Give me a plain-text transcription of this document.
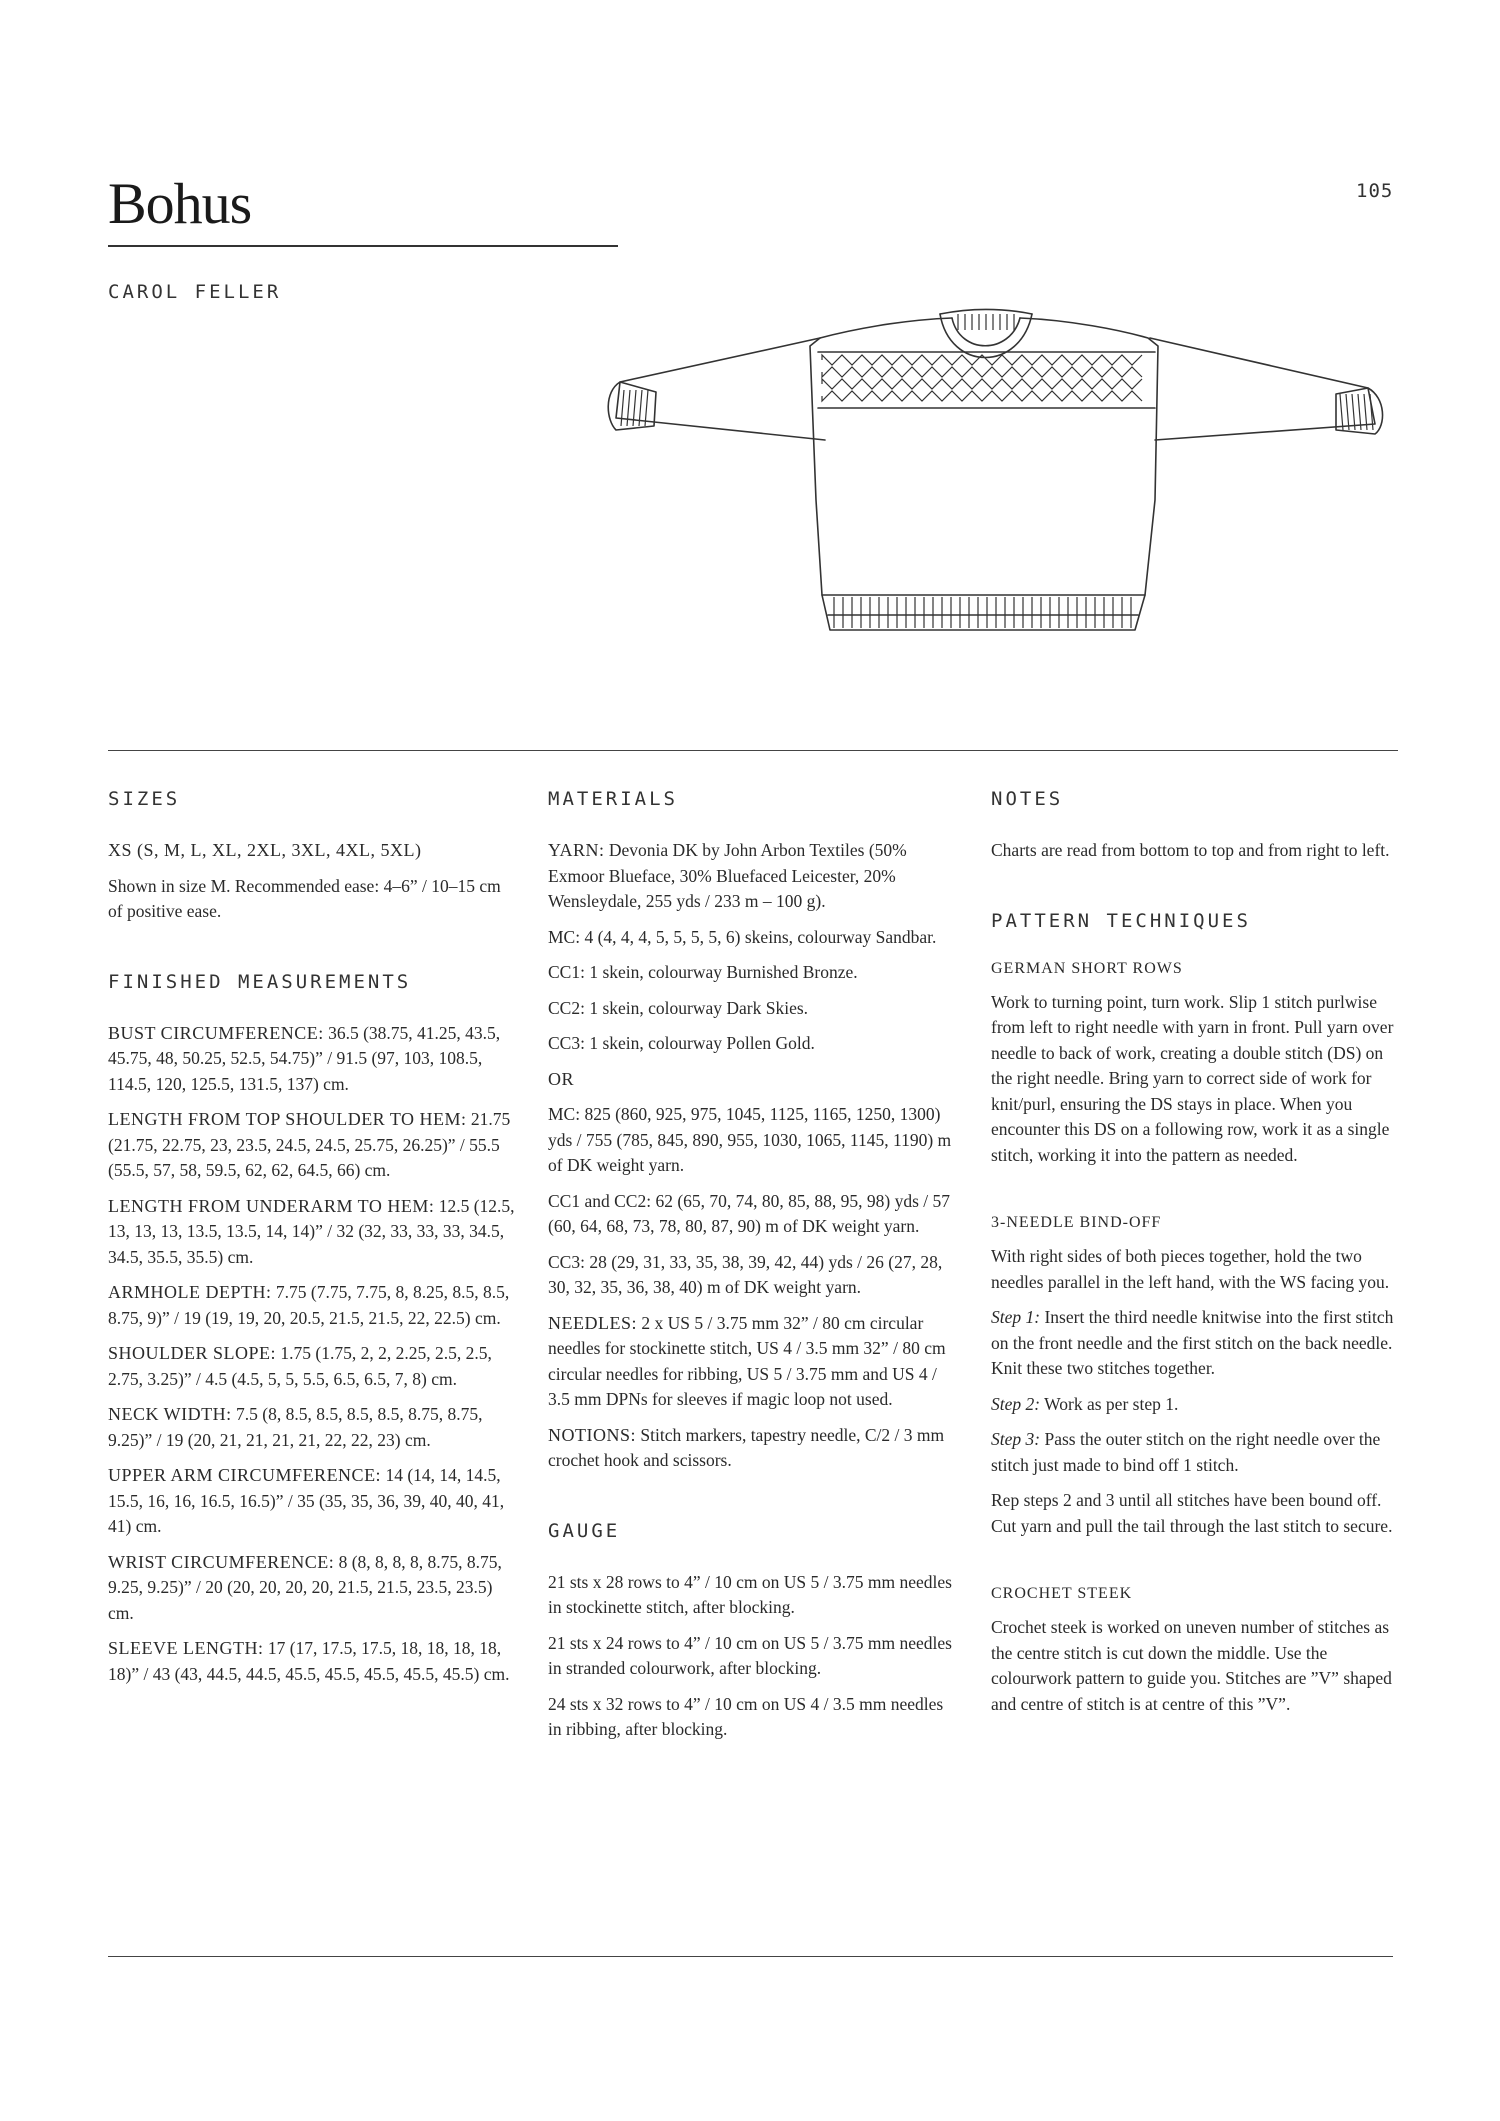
Bohus	105
CAROL FELLER
SIZES

XS (S, M, L, XL, 2XL, 3XL, 4XL, 5XL)

Shown in size M. Recommended ease: 4–6” / 10–15 cm of positive ease.

FINISHED MEASUREMENTS

BUST CIRCUMFERENCE: 36.5 (38.75, 41.25, 43.5, 45.75, 48, 50.25, 52.5, 54.75)” / 91.5 (97, 103, 108.5, 114.5, 120, 125.5, 131.5, 137) cm.

LENGTH FROM TOP SHOULDER TO HEM: 21.75 (21.75, 22.75, 23, 23.5, 24.5, 24.5, 25.75, 26.25)” / 55.5 (55.5, 57, 58, 59.5, 62, 62, 64.5, 66) cm.

LENGTH FROM UNDERARM TO HEM: 12.5 (12.5, 13, 13, 13, 13.5, 13.5, 14, 14)” / 32 (32, 33, 33, 33, 34.5, 34.5, 35.5, 35.5) cm.

ARMHOLE DEPTH: 7.75 (7.75, 7.75, 8, 8.25, 8.5, 8.5, 8.75, 9)” / 19 (19, 19, 20, 20.5, 21.5, 21.5, 22, 22.5) cm.

SHOULDER SLOPE: 1.75 (1.75, 2, 2, 2.25, 2.5, 2.5, 2.75, 3.25)” / 4.5 (4.5, 5, 5, 5.5, 6.5, 6.5, 7, 8) cm.

NECK WIDTH: 7.5 (8, 8.5, 8.5, 8.5, 8.5, 8.75, 8.75, 9.25)” / 19 (20, 21, 21, 21, 21, 22, 22, 23) cm.

UPPER ARM CIRCUMFERENCE: 14 (14, 14, 14.5, 15.5, 16, 16, 16.5, 16.5)” / 35 (35, 35, 36, 39, 40, 40, 41, 41) cm.

WRIST CIRCUMFERENCE: 8 (8, 8, 8, 8, 8.75, 8.75, 9.25, 9.25)” / 20 (20, 20, 20, 20, 21.5, 21.5, 23.5, 23.5) cm.

SLEEVE LENGTH: 17 (17, 17.5, 17.5, 18, 18, 18, 18, 18)” / 43 (43, 44.5, 44.5, 45.5, 45.5, 45.5, 45.5, 45.5) cm.

MATERIALS

YARN: Devonia DK by John Arbon Textiles (50% Exmoor Blueface, 30% Bluefaced Leicester, 20% Wensleydale, 255 yds / 233 m – 100 g).

MC: 4 (4, 4, 4, 5, 5, 5, 5, 6) skeins, colourway Sandbar.

CC1: 1 skein, colourway Burnished Bronze.

CC2: 1 skein, colourway Dark Skies.

CC3: 1 skein, colourway Pollen Gold.

OR

MC: 825 (860, 925, 975, 1045, 1125, 1165, 1250, 1300) yds / 755 (785, 845, 890, 955, 1030, 1065, 1145, 1190) m of DK weight yarn.

CC1 and CC2: 62 (65, 70, 74, 80, 85, 88, 95, 98) yds / 57 (60, 64, 68, 73, 78, 80, 87, 90) m of DK weight yarn.

CC3: 28 (29, 31, 33, 35, 38, 39, 42, 44) yds / 26 (27, 28, 30, 32, 35, 36, 38, 40) m of DK weight yarn.

NEEDLES: 2 x US 5 / 3.75 mm 32” / 80 cm circular needles for stockinette stitch, US 4 / 3.5 mm 32” / 80 cm circular needles for ribbing, US 5 / 3.75 mm and US 4 / 3.5 mm DPNs for sleeves if magic loop not used.

NOTIONS: Stitch markers, tapestry needle, C/2 / 3 mm crochet hook and scissors.

GAUGE

21 sts x 28 rows to 4” / 10 cm on US 5 / 3.75 mm needles in stockinette stitch, after blocking.

21 sts x 24 rows to 4” / 10 cm on US 5 / 3.75 mm needles in stranded colourwork, after blocking.

24 sts x 32 rows to 4” / 10 cm on US 4 / 3.5 mm needles in ribbing, after blocking.

NOTES

Charts are read from bottom to top and from right to left.

PATTERN TECHNIQUES
GERMAN SHORT ROWS

Work to turning point, turn work. Slip 1 stitch purlwise from left to right needle with yarn in front. Pull yarn over needle to back of work, creating a double stitch (DS) on the right needle. Bring yarn to correct side of work for knit/purl, ensuring the DS stays in place. When you encounter this DS on a following row, work it as a single stitch, working it into the pattern as needed.

3-NEEDLE BIND-OFF

With right sides of both pieces together, hold the two needles parallel in the left hand, with the WS facing you.

Step 1: Insert the third needle knitwise into the first stitch on the front needle and the first stitch on the back needle. Knit these two stitches together.

Step 2: Work as per step 1.

Step 3: Pass the outer stitch on the right needle over the stitch just made to bind off 1 stitch.

Rep steps 2 and 3 until all stitches have been bound off. Cut yarn and pull the tail through the last stitch to secure.

CROCHET STEEK

Crochet steek is worked on uneven number of stitches as the centre stitch is cut down the middle. Use the colourwork pattern to guide you. Stitches are ”V” shaped and centre of stitch is at centre of this ”V”.
